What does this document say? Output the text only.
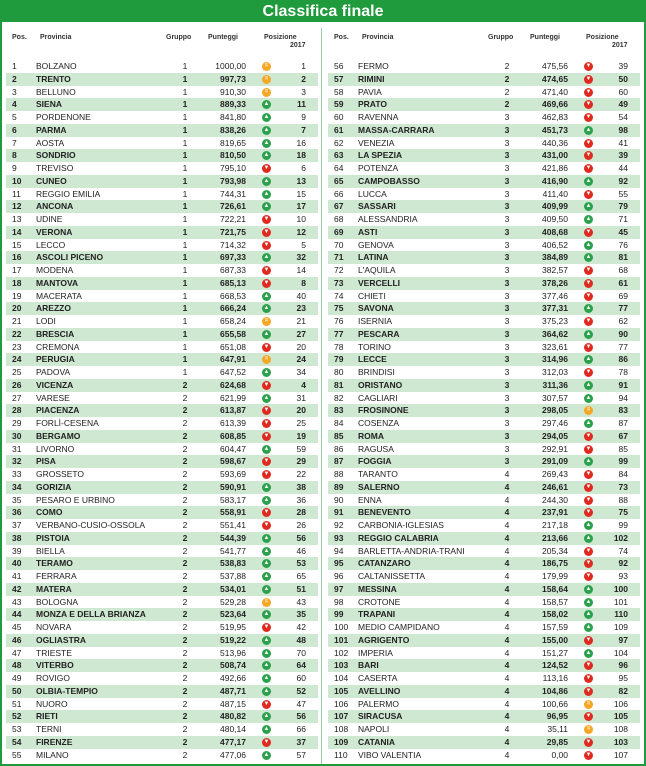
Classifica finale
Pos. Provincia	Gruppo Punteggi	Posizione
2017
1	BOLZANO	1	1000,00	=	1
2	TRENTO	1	997,73	=	2
3	BELLUNO	1	910,30	=	3
4	SIENA	1	889,33	▲	11
5	PORDENONE	1	841,80	▲	9
6	PARMA	1	838,26	▲	7
7	AOSTA	1	819,65	▲	16
8	SONDRIO	1	810,50	▲	18
9	TREVISO	1	795,10	▼	6
10	CUNEO	1	793,98	▲	13
11	REGGIO EMILIA	1	744,31	▲	15
12	ANCONA	1	726,61	▲	17
13	UDINE	1	722,21	▼	10
14	VERONA	1	721,75	▼	12
15	LECCO	1	714,32	▼	5
16	ASCOLI PICENO	1	697,33	▲	32
17	MODENA	1	687,33	▼	14
18	MANTOVA	1	685,13	▼	8
19	MACERATA	1	668,53	▲	40
20	AREZZO	1	666,24	▲	23
21	LODI	1	658,24	=	21
22	BRESCIA	1	655,58	▲	27
23	CREMONA	1	651,08	▼	20
24	PERUGIA	1	647,91	=	24
25	PADOVA	1	647,52	▲	34
26	VICENZA	2	624,68	▼	4
27	VARESE	2	621,99	▲	31
28	PIACENZA	2	613,87	▼	20
29	FORLÌ-CESENA	2	613,39	▼	25
30	BERGAMO	2	608,85	▼	19
31	LIVORNO	2	604,47	▲	59
32	PISA	2	598,67	▼	29
33	GROSSETO	2	593,69	▼	22
34	GORIZIA	2	590,91	▲	38
35	PESARO E URBINO	2	583,17	▲	36
36	COMO	2	558,91	▼	28
37	VERBANO-CUSIO-OSSOLA	2	551,41	▼	26
38	PISTOIA	2	544,39	▲	56
39	BIELLA	2	541,77	▲	46
40	TERAMO	2	538,83	▲	53
41	FERRARA	2	537,88	▲	65
42	MATERA	2	534,01	▲	51
43	BOLOGNA	2	529,28	=	43
44	MONZA E DELLA BRIANZA	2	523,64	▲	35
45	NOVARA	2	519,95	▼	42
46	OGLIASTRA	2	519,22	▲	48
47	TRIESTE	2	513,96	▲	70
48	VITERBO	2	508,74	▲	64
49	ROVIGO	2	492,66	▲	60
50	OLBIA-TEMPIO	2	487,71	▲	52
51	NUORO	2	487,15	▼	47
52	RIETI	2	480,82	▲	56
53	TERNI	2	480,14	▲	66
54	FIRENZE	2	477,17	▼	37
55	MILANO	2	477,06	▲	57
Pos. Provincia	Gruppo Punteggi	Posizione
2017
56	FERMO	2	475,56	▼	39
57	RIMINI	2	474,65	▼	50
58	PAVIA	2	471,40	▼	60
59	PRATO	2	469,66	▼	49
60	RAVENNA	3	462,83	▼	54
61	MASSA-CARRARA	3	451,73	▲	98
62	VENEZIA	3	440,36	▼	41
63	LA SPEZIA	3	431,00	▼	39
64	POTENZA	3	421,86	▼	44
65	CAMPOBASSO	3	416,90	▲	92
66	LUCCA	3	411,40	▼	55
67	SASSARI	3	409,99	▲	79
68	ALESSANDRIA	3	409,50	▲	71
69	ASTI	3	408,68	▼	45
70	GENOVA	3	406,52	▲	76
71	LATINA	3	384,89	▲	81
72	L'AQUILA	3	382,57	▼	68
73	VERCELLI	3	378,26	▼	61
74	CHIETI	3	377,46	▼	69
75	SAVONA	3	377,31	▲	77
76	ISERNIA	3	375,23	▼	62
77	PESCARA	3	364,62	▲	90
78	TORINO	3	323,61	▼	77
79	LECCE	3	314,96	▲	86
80	BRINDISI	3	312,03	▼	78
81	ORISTANO	3	311,36	▲	91
82	CAGLIARI	3	307,57	▲	94
83	FROSINONE	3	298,05	=	83
84	COSENZA	3	297,46	▲	87
85	ROMA	3	294,05	▼	67
86	RAGUSA	3	292,91	▼	85
87	FOGGIA	3	291,09	▲	99
88	TARANTO	4	269,43	▼	84
89	SALERNO	4	246,61	▼	73
90	ENNA	4	244,30	▼	88
91	BENEVENTO	4	237,91	▼	75
92	CARBONIA-IGLESIAS	4	217,18	▲	99
93	REGGIO CALABRIA	4	213,66	▲	102
94	BARLETTA-ANDRIA-TRANI	4	205,34	▼	74
95	CATANZARO	4	186,75	▼	92
96	CALTANISSETTA	4	179,99	▼	93
97	MESSINA	4	158,64	▲	100
98	CROTONE	4	158,57	▲	101
99	TRAPANI	4	158,02	▲	110
100	MEDIO CAMPIDANO	4	157,59	▲	109
101	AGRIGENTO	4	155,00	▼	97
102	IMPERIA	4	151,27	▲	104
103	BARI	4	124,52	▼	96
104	CASERTA	4	113,16	▼	95
105	AVELLINO	4	104,86	▼	82
106	PALERMO	4	100,66	=	106
107	SIRACUSA	4	96,95	▼	105
108	NAPOLI	4	35,11	=	108
109	CATANIA	4	29,85	▼	103
110	VIBO VALENTIA	4	0,00	▼	107
